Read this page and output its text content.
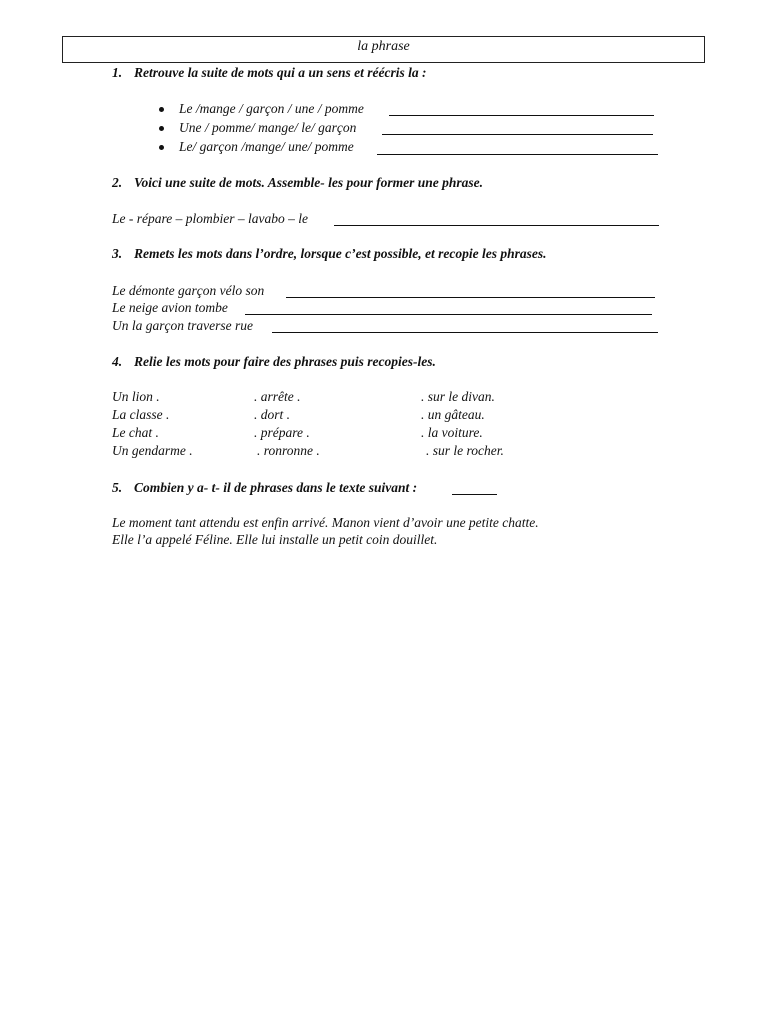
la phrase
1. Retrouve la suite de mots qui a un sens et réécris la :
Le /mange / garçon / une / pomme
Une / pomme/ mange/ le/ garçon
Le/ garçon /mange/ une/ pomme
2. Voici une suite de mots. Assemble- les pour former une phrase.
Le - répare – plombier – lavabo – le
3. Remets les mots dans l’ordre, lorsque c’est possible, et recopie les phrases.
Le démonte garçon vélo son
Le neige avion tombe
Un la garçon traverse rue
4. Relie les mots pour faire des phrases puis recopies-les.
Un lion .	. arrête .	. sur le divan.
La classe .	. dort .	. un gâteau.
Le chat .	. prépare .	. la voiture.
Un gendarme .	. ronronne .	. sur le rocher.
5. Combien y a- t- il de phrases dans le texte suivant :
Le moment tant attendu est enfin arrivé. Manon vient d’avoir une petite chatte.
Elle l’a appelé Féline. Elle lui installe un petit coin douillet.
